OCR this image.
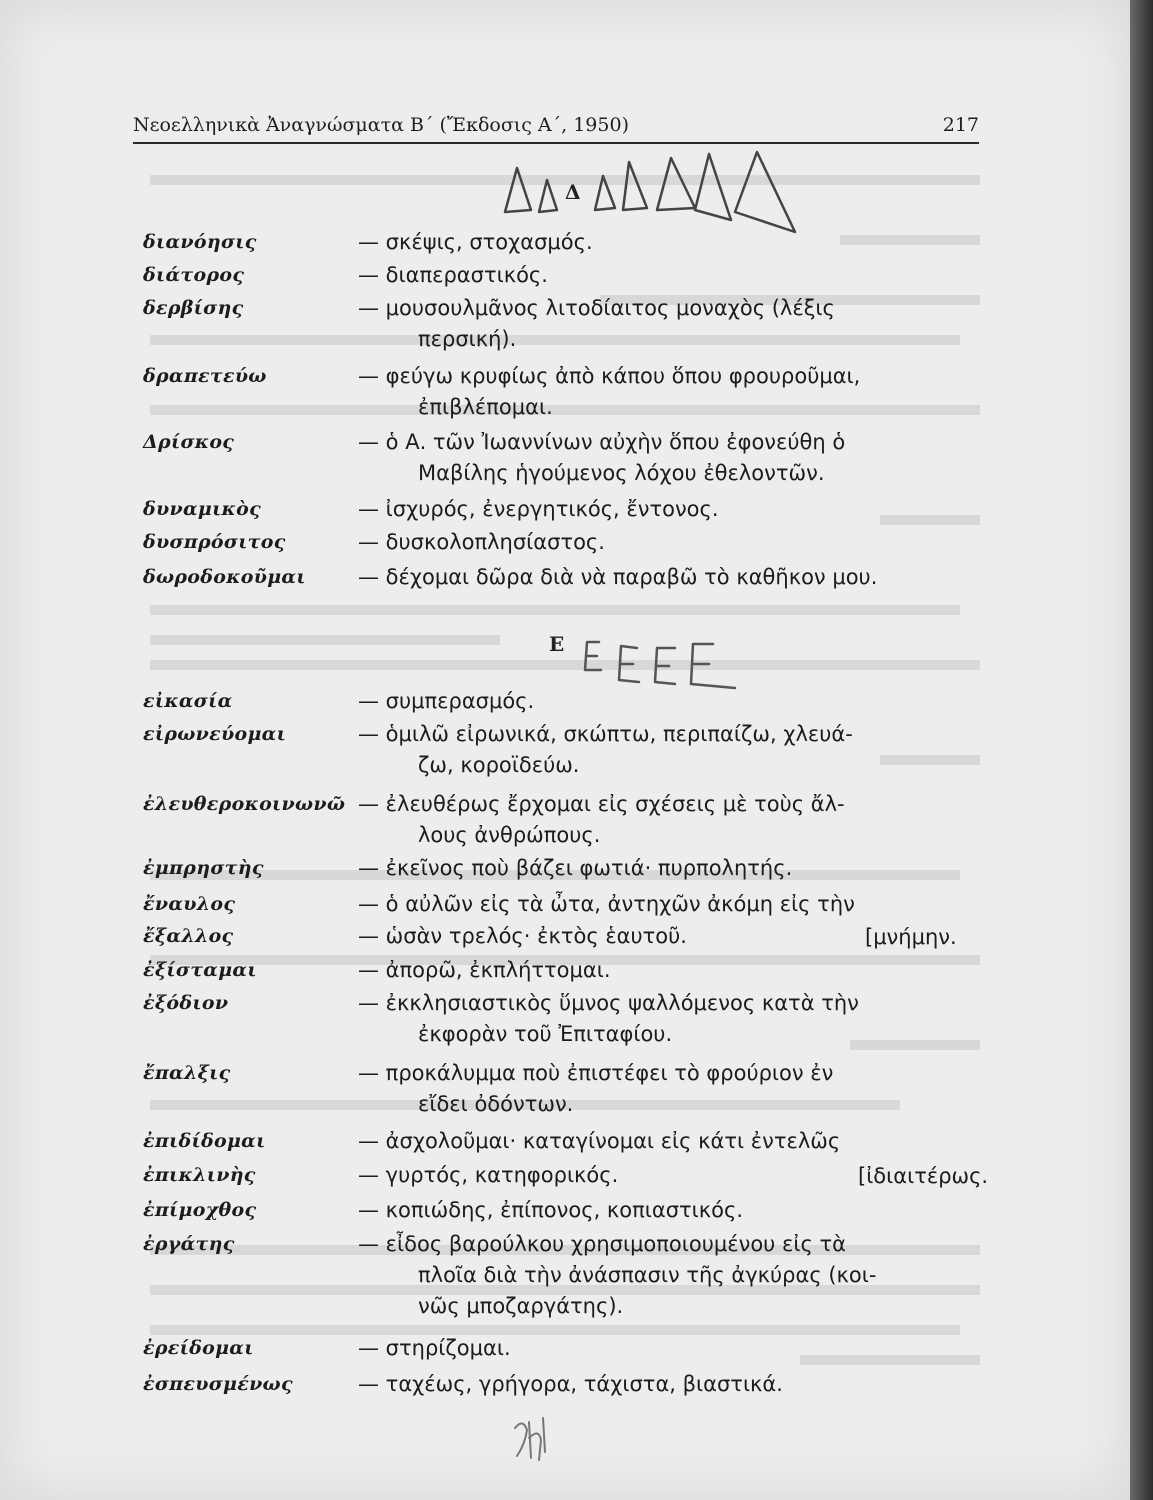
Νεοελληνικὰ Ἀναγνώσματα Β΄ (Ἔκδοσις Α΄, 1950)	217
Δ
διανόησις	— σκέψις, στοχασμός.
διάτορος	— διαπεραστικός.
δερβίσης	— μουσουλμᾶνος λιτοδίαιτος μοναχὸς (λέξις
περσική).
δραπετεύω	— φεύγω κρυφίως ἀπὸ κάπου ὅπου φρουροῦμαι,
ἐπιβλέπομαι.
Δρίσκος	— ὁ Α. τῶν Ἰωαννίνων αὐχὴν ὅπου ἐφονεύθη ὁ
Μαβίλης ἡγούμενος λόχου ἐθελοντῶν.
δυναμικὸς	— ἰσχυρός, ἐνεργητικός, ἔντονος.
δυσπρόσιτος	— δυσκολοπλησίαστος.
δωροδοκοῦμαι — δέχομαι δῶρα διὰ νὰ παραβῶ τὸ καθῆκον μου.
Ε
εἰκασία	— συμπερασμός.
εἰρωνεύομαι	— ὁμιλῶ εἰρωνικά, σκώπτω, περιπαίζω, χλευά-
ζω, κοροϊδεύω.
ἐλευθεροκοινωνῶ — ἐλευθέρως ἔρχομαι εἰς σχέσεις μὲ τοὺς ἄλ-
λους ἀνθρώπους.
ἐμπρηστὴς	— ἐκεῖνος ποὺ βάζει φωτιά· πυρπολητής.
ἔναυλος	— ὁ αὐλῶν εἰς τὰ ὦτα, ἀντηχῶν ἀκόμη εἰς τὴν
ἔξαλλος	— ὡσὰν τρελός· ἐκτὸς ἑαυτοῦ.	[μνήμην.
ἐξίσταμαι	— ἀπορῶ, ἐκπλήττομαι.
ἐξόδιον	— ἐκκλησιαστικὸς ὕμνος ψαλλόμενος κατὰ τὴν
ἐκφορὰν τοῦ Ἐπιταφίου.
ἔπαλξις	— προκάλυμμα ποὺ ἐπιστέφει τὸ φρούριον ἐν
εἴδει ὀδόντων.
ἐπιδίδομαι	— ἀσχολοῦμαι· καταγίνομαι εἰς κάτι ἐντελῶς
ἐπικλινὴς	— γυρτός, κατηφορικός.	[ἰδιαιτέρως.
ἐπίμοχθος	— κοπιώδης, ἐπίπονος, κοπιαστικός.
ἐργάτης	— εἶδος βαρούλκου χρησιμοποιουμένου εἰς τὰ
πλοῖα διὰ τὴν ἀνάσπασιν τῆς ἀγκύρας (κοι-
νῶς μποζαργάτης).
ἐρείδομαι	— στηρίζομαι.
ἐσπευσμένως	— ταχέως, γρήγορα, τάχιστα, βιαστικά.
